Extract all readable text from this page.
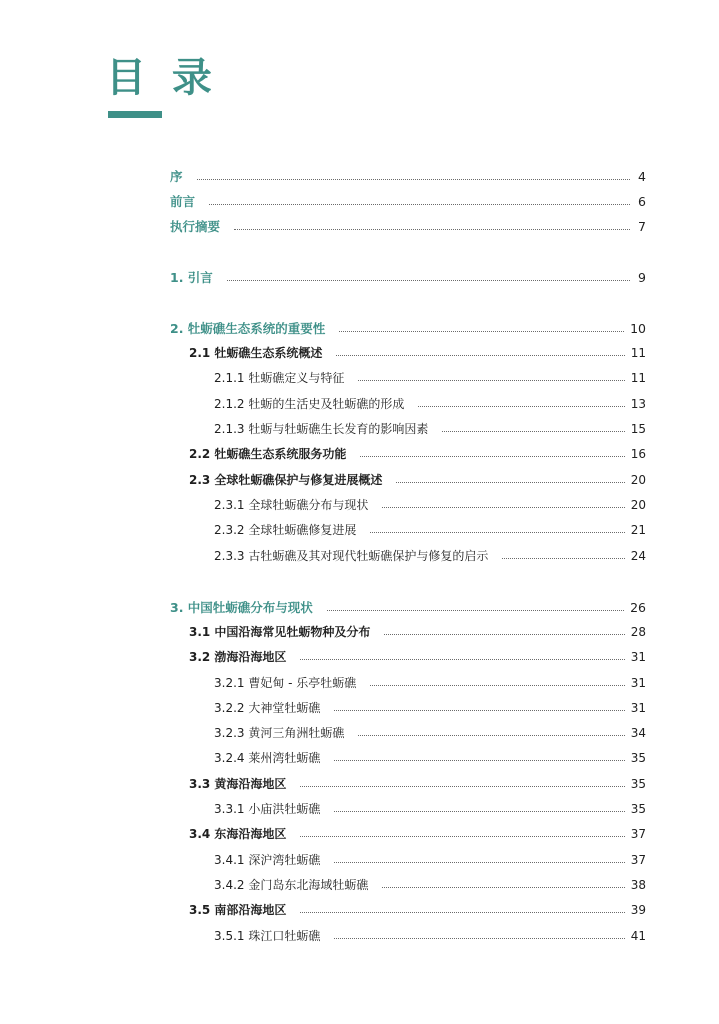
目 录
序	4
前言	6
执行摘要	7
1. 引言	9
2. 牡蛎礁生态系统的重要性	10
2.1 牡蛎礁生态系统概述	11
2.1.1 牡蛎礁定义与特征	11
2.1.2 牡蛎的生活史及牡蛎礁的形成	13
2.1.3 牡蛎与牡蛎礁生长发育的影响因素	15
2.2 牡蛎礁生态系统服务功能	16
2.3 全球牡蛎礁保护与修复进展概述	20
2.3.1 全球牡蛎礁分布与现状	20
2.3.2 全球牡蛎礁修复进展	21
2.3.3 古牡蛎礁及其对现代牡蛎礁保护与修复的启示	24
3. 中国牡蛎礁分布与现状	26
3.1 中国沿海常见牡蛎物种及分布	28
3.2 渤海沿海地区	31
3.2.1 曹妃甸 - 乐亭牡蛎礁	31
3.2.2 大神堂牡蛎礁	31
3.2.3 黄河三角洲牡蛎礁	34
3.2.4 莱州湾牡蛎礁	35
3.3 黄海沿海地区	35
3.3.1 小庙洪牡蛎礁	35
3.4 东海沿海地区	37
3.4.1 深沪湾牡蛎礁	37
3.4.2 金门岛东北海域牡蛎礁	38
3.5 南部沿海地区	39
3.5.1 珠江口牡蛎礁	41
